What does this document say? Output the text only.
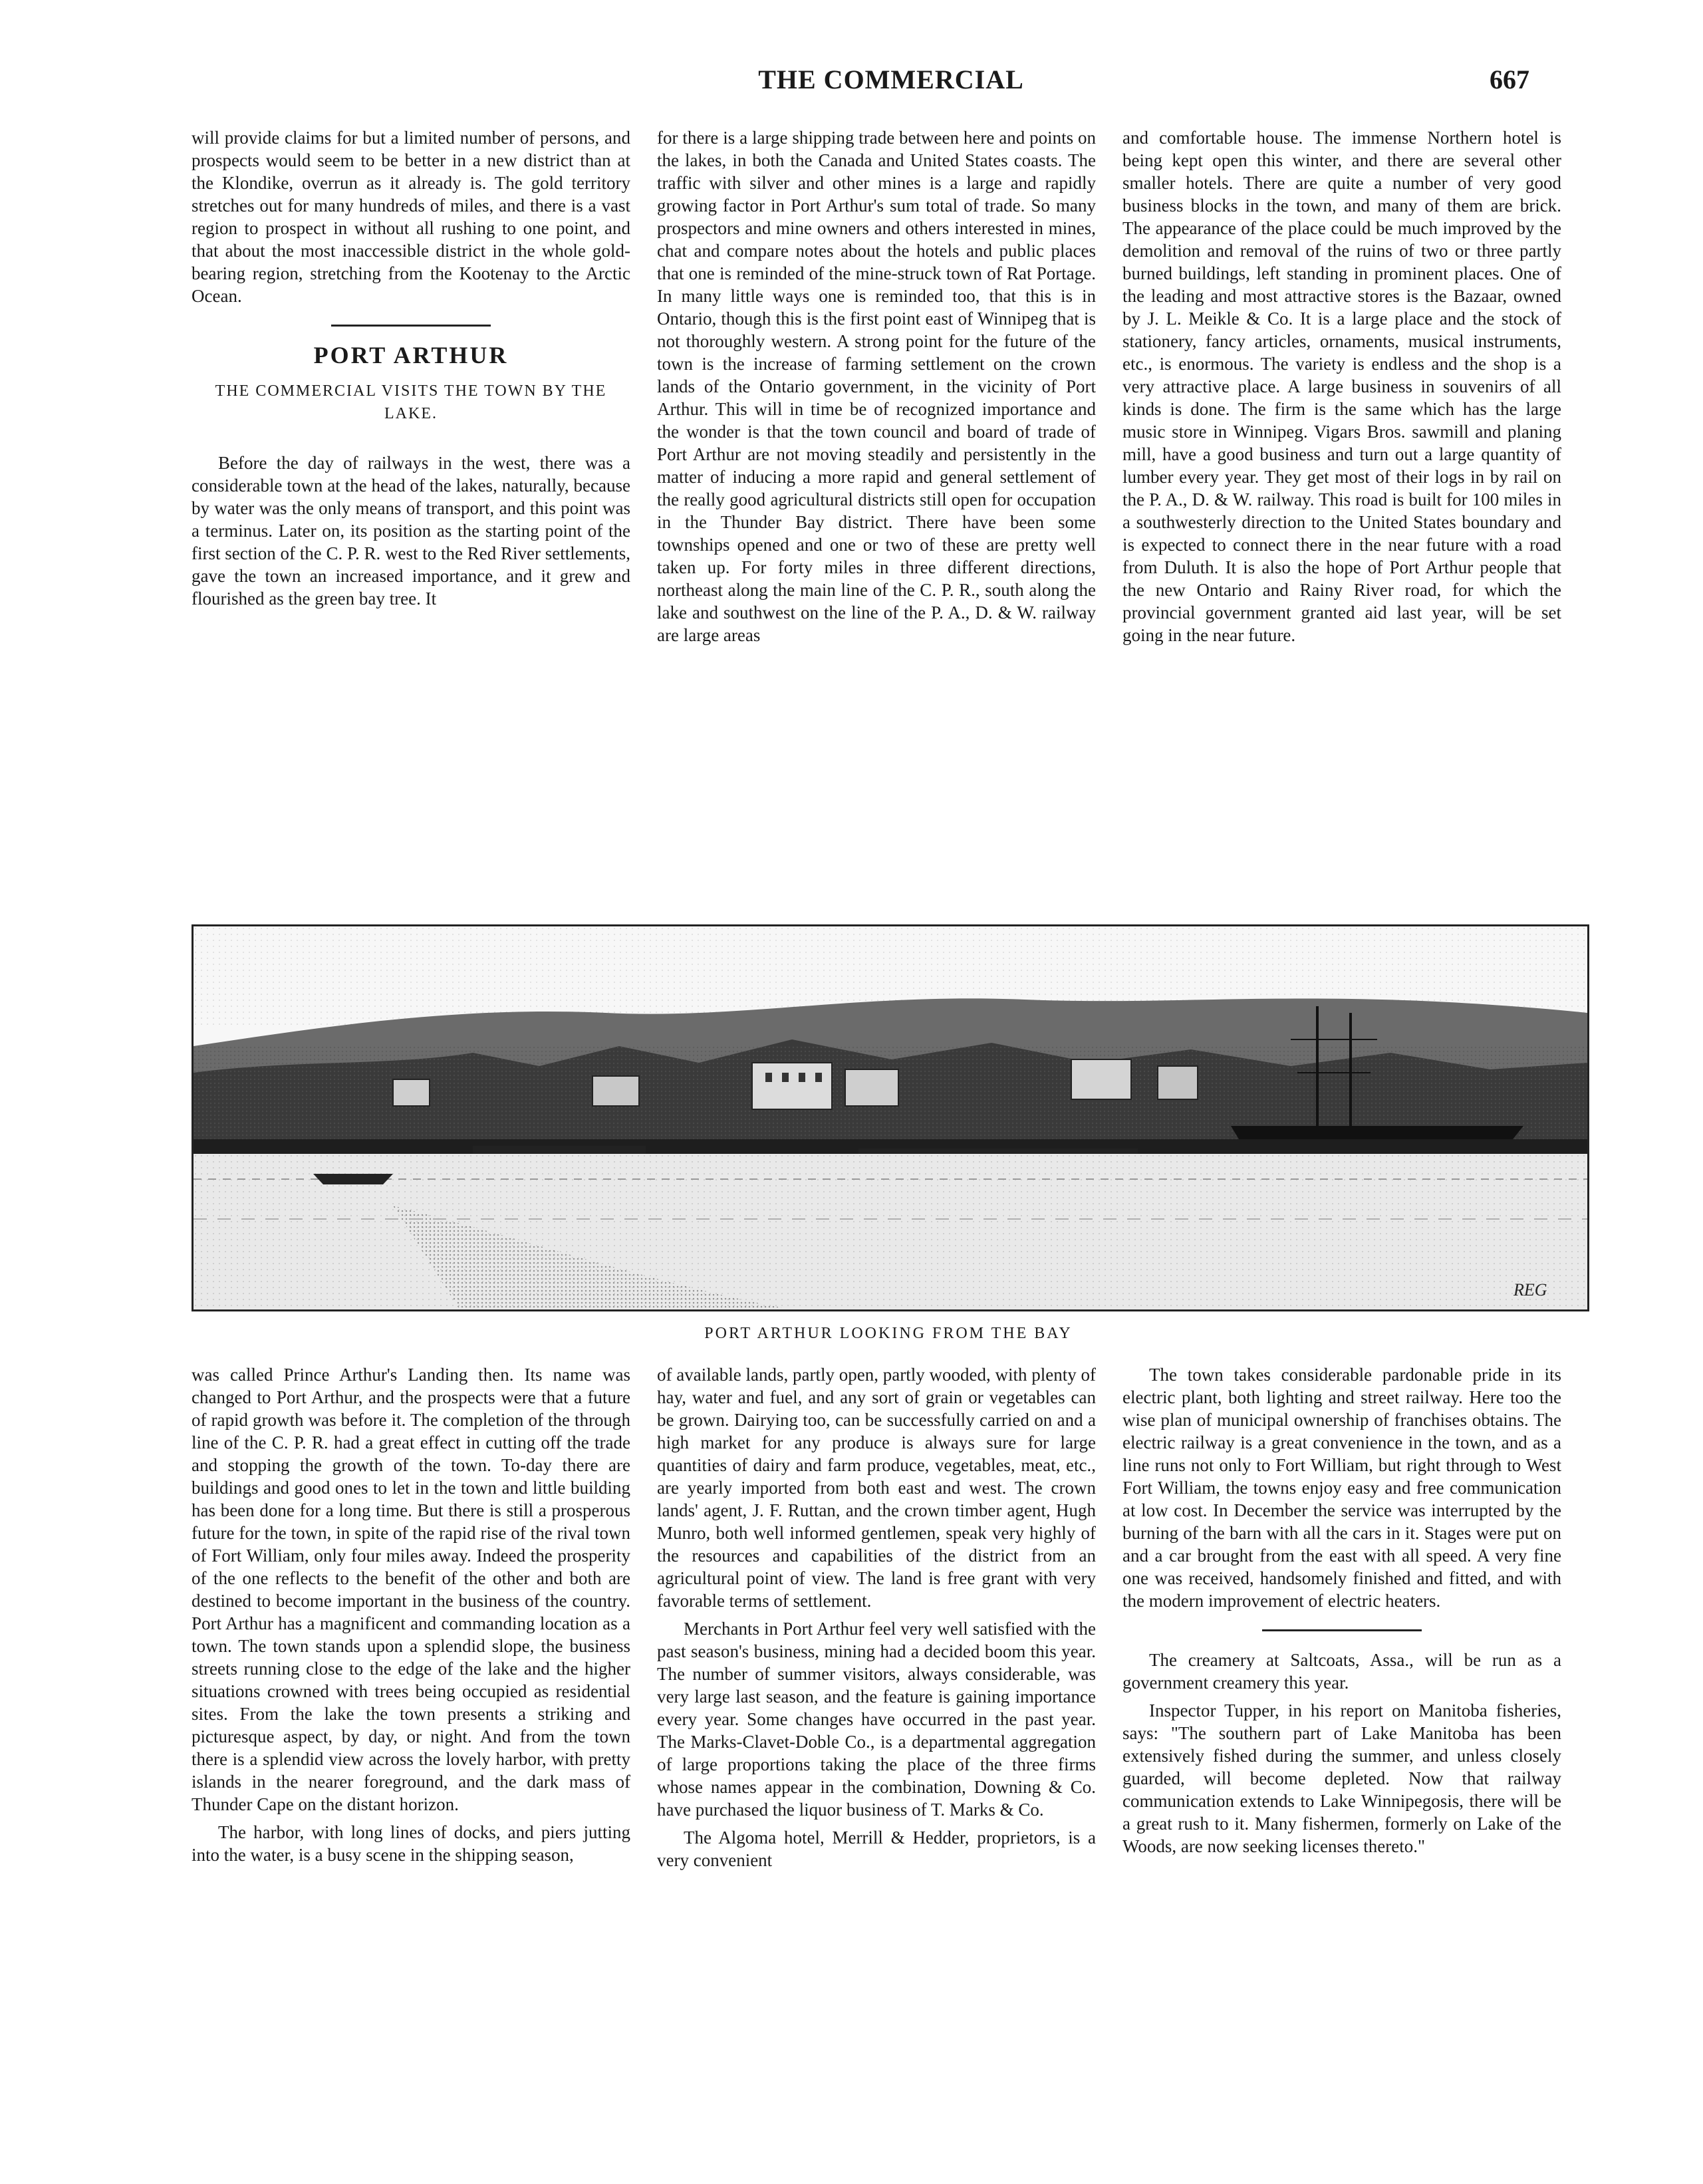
THE COMMERCIAL	667

will provide claims for but a limited number of persons, and prospects would seem to be better in a new district than at the Klondike, overrun as it already is. The gold territory stretches out for many hundreds of miles, and there is a vast region to prospect in without all rushing to one point, and that about the most inaccessible district in the whole gold-bearing region, stretching from the Kootenay to the Arctic Ocean.

PORT ARTHUR
THE COMMERCIAL VISITS THE TOWN BY THE LAKE.

Before the day of railways in the west, there was a considerable town at the head of the lakes, naturally, because by water was the only means of transport, and this point was a terminus. Later on, its position as the starting point of the first section of the C. P. R. west to the Red River settlements, gave the town an increased importance, and it grew and flourished as the green bay tree. It

for there is a large shipping trade between here and points on the lakes, in both the Canada and United States coasts. The traffic with silver and other mines is a large and rapidly growing factor in Port Arthur's sum total of trade. So many prospectors and mine owners and others interested in mines, chat and compare notes about the hotels and public places that one is reminded of the mine-struck town of Rat Portage. In many little ways one is reminded too, that this is in Ontario, though this is the first point east of Winnipeg that is not thoroughly western. A strong point for the future of the town is the increase of farming settlement on the crown lands of the Ontario government, in the vicinity of Port Arthur. This will in time be of recognized importance and the wonder is that the town council and board of trade of Port Arthur are not moving steadily and persistently in the matter of inducing a more rapid and general settlement of the really good agricultural districts still open for occupation in the Thunder Bay district. There have been some townships opened and one or two of these are pretty well taken up. For forty miles in three different directions, northeast along the main line of the C. P. R., south along the lake and southwest on the line of the P. A., D. & W. railway are large areas

and comfortable house. The immense Northern hotel is being kept open this winter, and there are several other smaller hotels. There are quite a number of very good business blocks in the town, and many of them are brick. The appearance of the place could be much improved by the demolition and removal of the ruins of two or three partly burned buildings, left standing in prominent places. One of the leading and most attractive stores is the Bazaar, owned by J. L. Meikle & Co. It is a large place and the stock of stationery, fancy articles, ornaments, musical instruments, etc., is enormous. The variety is endless and the shop is a very attractive place. A large business in souvenirs of all kinds is done. The firm is the same which has the large music store in Winnipeg. Vigars Bros. sawmill and planing mill, have a good business and turn out a large quantity of lumber every year. They get most of their logs in by rail on the P. A., D. & W. railway. This road is built for 100 miles in a southwesterly direction to the United States boundary and is expected to connect there in the near future with a road from Duluth. It is also the hope of Port Arthur people that the new Ontario and Rainy River road, for which the provincial government granted aid last year, will be set going in the near future.

REG
PORT ARTHUR LOOKING FROM THE BAY

was called Prince Arthur's Landing then. Its name was changed to Port Arthur, and the prospects were that a future of rapid growth was before it. The completion of the through line of the C. P. R. had a great effect in cutting off the trade and stopping the growth of the town. To-day there are buildings and good ones to let in the town and little building has been done for a long time. But there is still a prosperous future for the town, in spite of the rapid rise of the rival town of Fort William, only four miles away. Indeed the prosperity of the one reflects to the benefit of the other and both are destined to become important in the business of the country. Port Arthur has a magnificent and commanding location as a town. The town stands upon a splendid slope, the business streets running close to the edge of the lake and the higher situations crowned with trees being occupied as residential sites. From the lake the town presents a striking and picturesque aspect, by day, or night. And from the town there is a splendid view across the lovely harbor, with pretty islands in the nearer foreground, and the dark mass of Thunder Cape on the distant horizon.

The harbor, with long lines of docks, and piers jutting into the water, is a busy scene in the shipping season,

of available lands, partly open, partly wooded, with plenty of hay, water and fuel, and any sort of grain or vegetables can be grown. Dairying too, can be successfully carried on and a high market for any produce is always sure for large quantities of dairy and farm produce, vegetables, meat, etc., are yearly imported from both east and west. The crown lands' agent, J. F. Ruttan, and the crown timber agent, Hugh Munro, both well informed gentlemen, speak very highly of the resources and capabilities of the district from an agricultural point of view. The land is free grant with very favorable terms of settlement.

Merchants in Port Arthur feel very well satisfied with the past season's business, mining had a decided boom this year. The number of summer visitors, always considerable, was very large last season, and the feature is gaining importance every year. Some changes have occurred in the past year. The Marks-Clavet-Doble Co., is a departmental aggregation of large proportions taking the place of the three firms whose names appear in the combination, Downing & Co. have purchased the liquor business of T. Marks & Co.

The Algoma hotel, Merrill & Hedder, proprietors, is a very convenient

The town takes considerable pardonable pride in its electric plant, both lighting and street railway. Here too the wise plan of municipal ownership of franchises obtains. The electric railway is a great convenience in the town, and as a line runs not only to Fort William, but right through to West Fort William, the towns enjoy easy and free communication at low cost. In December the service was interrupted by the burning of the barn with all the cars in it. Stages were put on and a car brought from the east with all speed. A very fine one was received, handsomely finished and fitted, and with the modern improvement of electric heaters.

The creamery at Saltcoats, Assa., will be run as a government creamery this year.

Inspector Tupper, in his report on Manitoba fisheries, says: "The southern part of Lake Manitoba has been extensively fished during the summer, and unless closely guarded, will become depleted. Now that railway communication extends to Lake Winnipegosis, there will be a great rush to it. Many fishermen, formerly on Lake of the Woods, are now seeking licenses thereto."
